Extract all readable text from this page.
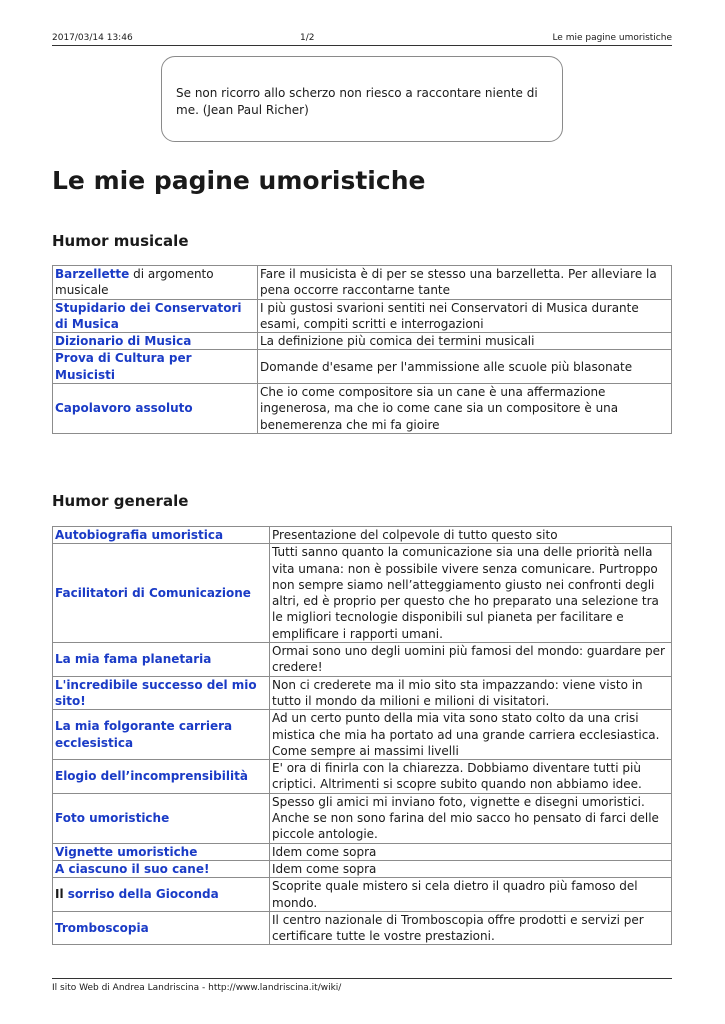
2017/03/14 13:46	1/2	Le mie pagine umoristiche
Se non ricorro allo scherzo non riesco a raccontare niente di me. (Jean Paul Richer)
Le mie pagine umoristiche
Humor musicale
Barzellette di argomento musicale	Fare il musicista è di per se stesso una barzelletta. Per alleviare la pena occorre raccontarne tante
Stupidario dei Conservatori di Musica	I più gustosi svarioni sentiti nei Conservatori di Musica durante esami, compiti scritti e interrogazioni
Dizionario di Musica	La definizione più comica dei termini musicali
Prova di Cultura per Musicisti	Domande d'esame per l'ammissione alle scuole più blasonate
Capolavoro assoluto	Che io come compositore sia un cane è una affermazione ingenerosa, ma che io come cane sia un compositore è una benemerenza che mi fa gioire
Humor generale
Autobiografia umoristica	Presentazione del colpevole di tutto questo sito
Facilitatori di Comunicazione	Tutti sanno quanto la comunicazione sia una delle priorità nella vita umana: non è possibile vivere senza comunicare. Purtroppo non sempre siamo nell’atteggiamento giusto nei confronti degli altri, ed è proprio per questo che ho preparato una selezione tra le migliori tecnologie disponibili sul pianeta per facilitare e emplificare i rapporti umani.
La mia fama planetaria	Ormai sono uno degli uomini più famosi del mondo: guardare per credere!
L'incredibile successo del mio sito!	Non ci crederete ma il mio sito sta impazzando: viene visto in tutto il mondo da milioni e milioni di visitatori.
La mia folgorante carriera ecclesistica	Ad un certo punto della mia vita sono stato colto da una crisi mistica che mia ha portato ad una grande carriera ecclesiastica. Come sempre ai massimi livelli
Elogio dell’incomprensibilità	E' ora di finirla con la chiarezza. Dobbiamo diventare tutti più criptici. Altrimenti si scopre subito quando non abbiamo idee.
Foto umoristiche	Spesso gli amici mi inviano foto, vignette e disegni umoristici. Anche se non sono farina del mio sacco ho pensato di farci delle piccole antologie.
Vignette umoristiche	Idem come sopra
A ciascuno il suo cane!	Idem come sopra
Il sorriso della Gioconda	Scoprite quale mistero si cela dietro il quadro più famoso del mondo.
Tromboscopia	Il centro nazionale di Tromboscopia offre prodotti e servizi per certificare tutte le vostre prestazioni.
Il sito Web di Andrea Landriscina - http://www.landriscina.it/wiki/
